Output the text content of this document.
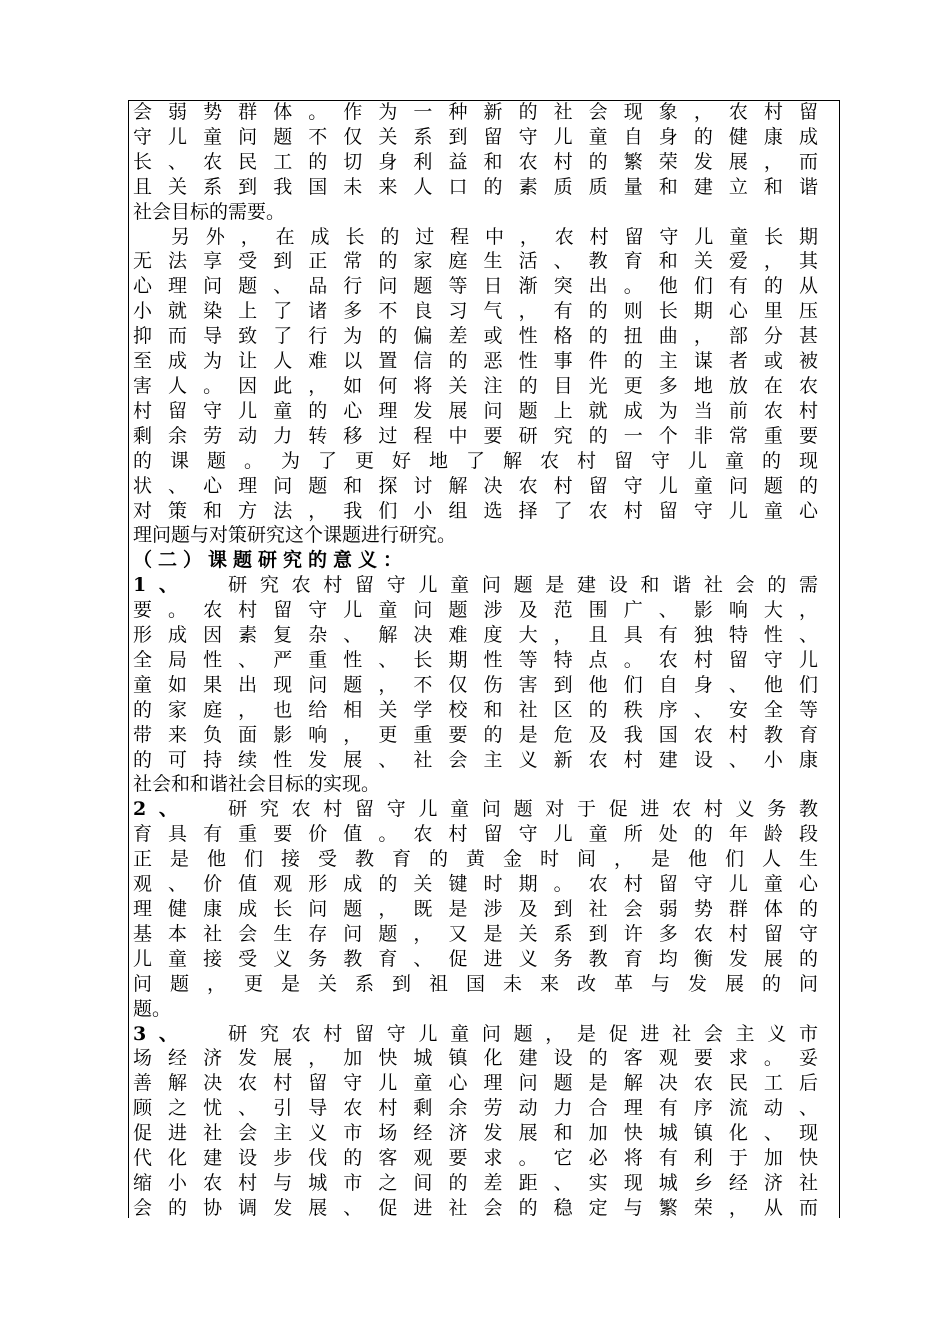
会弱势群体。作为一种新的社会现象，农村留

守儿童问题不仅关系到留守儿童自身的健康成

长、农民工的切身利益和农村的繁荣发展，而

且关系到我国未来人口的素质质量和建立和谐

社会目标的需要。

另外，在成长的过程中，农村留守儿童长期

无法享受到正常的家庭生活、教育和关爱，其

心理问题、品行问题等日渐突出。他们有的从

小就染上了诸多不良习气，有的则长期心里压

抑而导致了行为的偏差或性格的扭曲，部分甚

至成为让人难以置信的恶性事件的主谋者或被

害人。因此，如何将关注的目光更多地放在农

村留守儿童的心理发展问题上就成为当前农村

剩余劳动力转移过程中要研究的一个非常重要

的课题。为了更好地了解农村留守儿童的现

状、心理问题和探讨解决农村留守儿童问题的

对策和方法，我们小组选择了农村留守儿童心

理问题与对策研究这个课题进行研究。

（二）课题研究的意义：

1、 研究农村留守儿童问题是建设和谐社会的需

要。农村留守儿童问题涉及范围广、影响大，

形成因素复杂、解决难度大，且具有独特性、

全局性、严重性、长期性等特点。农村留守儿

童如果出现问题，不仅伤害到他们自身、他们

的家庭，也给相关学校和社区的秩序、安全等

带来负面影响，更重要的是危及我国农村教育

的可持续性发展、社会主义新农村建设、小康

社会和和谐社会目标的实现。

2、 研究农村留守儿童问题对于促进农村义务教

育具有重要价值。农村留守儿童所处的年龄段

正是他们接受教育的黄金时间，是他们人生

观、价值观形成的关键时期。农村留守儿童心

理健康成长问题，既是涉及到社会弱势群体的

基本社会生存问题，又是关系到许多农村留守

儿童接受义务教育、促进义务教育均衡发展的

问题，更是关系到祖国未来改革与发展的问

题。

3、 研究农村留守儿童问题，是促进社会主义市

场经济发展，加快城镇化建设的客观要求。妥

善解决农村留守儿童心理问题是解决农民工后

顾之忧、引导农村剩余劳动力合理有序流动、

促进社会主义市场经济发展和加快城镇化、现

代化建设步伐的客观要求。它必将有利于加快

缩小农村与城市之间的差距、实现城乡经济社

会的协调发展、促进社会的稳定与繁荣，从而
